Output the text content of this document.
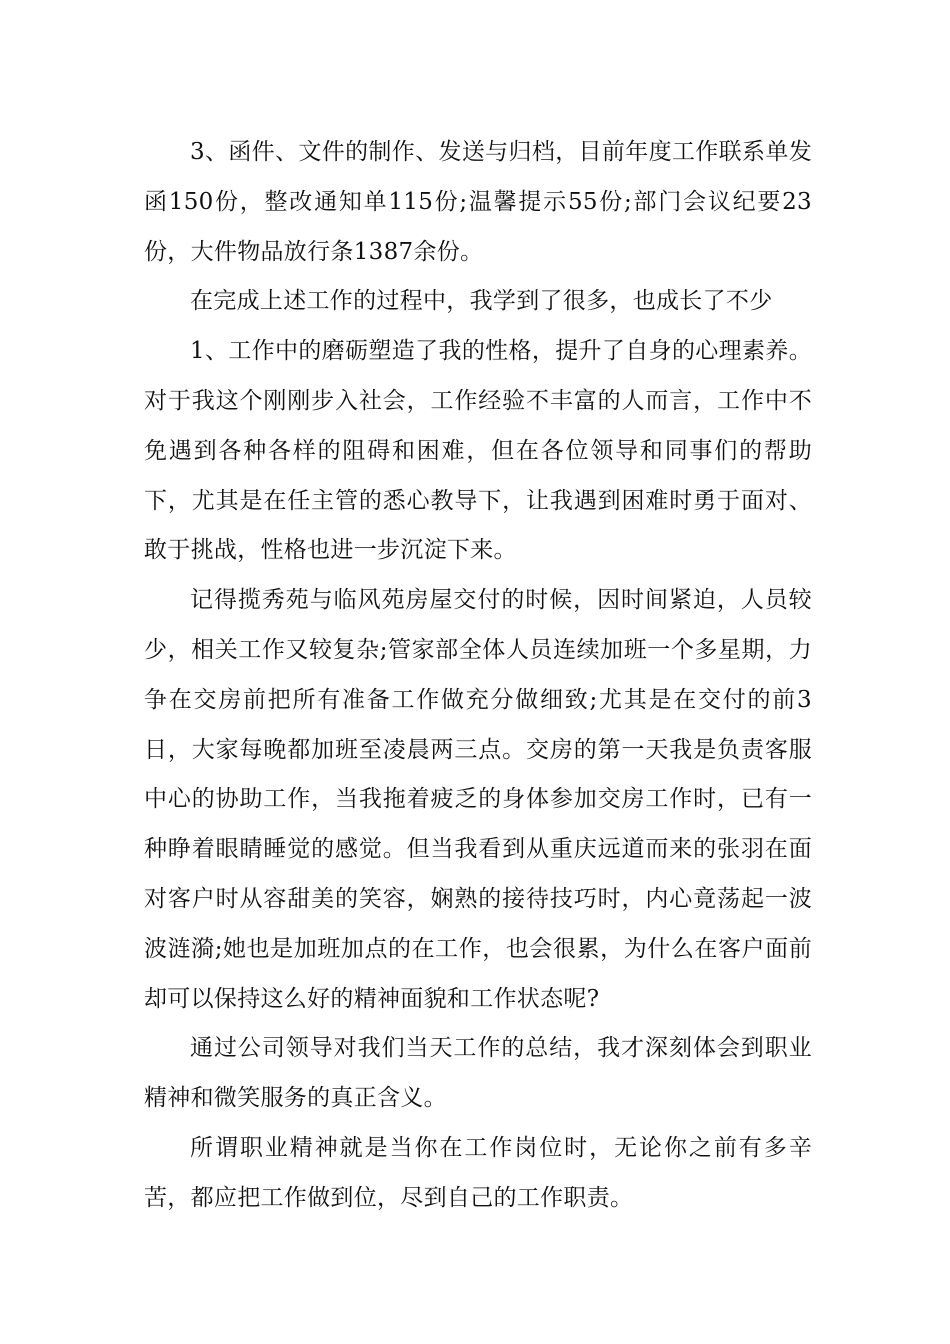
3、函件、文件的制作、发送与归档，目前年度工作联系单发函150份，整改通知单115份;温馨提示55份;部门会议纪要23份，大件物品放行条1387余份。

在完成上述工作的过程中，我学到了很多，也成长了不少

1、工作中的磨砺塑造了我的性格，提升了自身的心理素养。对于我这个刚刚步入社会，工作经验不丰富的人而言，工作中不免遇到各种各样的阻碍和困难，但在各位领导和同事们的帮助下，尤其是在任主管的悉心教导下，让我遇到困难时勇于面对、敢于挑战，性格也进一步沉淀下来。

记得揽秀苑与临风苑房屋交付的时候，因时间紧迫，人员较少，相关工作又较复杂;管家部全体人员连续加班一个多星期，力争在交房前把所有准备工作做充分做细致;尤其是在交付的前3日，大家每晚都加班至凌晨两三点。交房的第一天我是负责客服中心的协助工作，当我拖着疲乏的身体参加交房工作时，已有一种睁着眼睛睡觉的感觉。但当我看到从重庆远道而来的张羽在面对客户时从容甜美的笑容，娴熟的接待技巧时，内心竟荡起一波波涟漪;她也是加班加点的在工作，也会很累，为什么在客户面前却可以保持这么好的精神面貌和工作状态呢?

通过公司领导对我们当天工作的总结，我才深刻体会到职业精神和微笑服务的真正含义。

所谓职业精神就是当你在工作岗位时，无论你之前有多辛苦，都应把工作做到位，尽到自己的工作职责。
